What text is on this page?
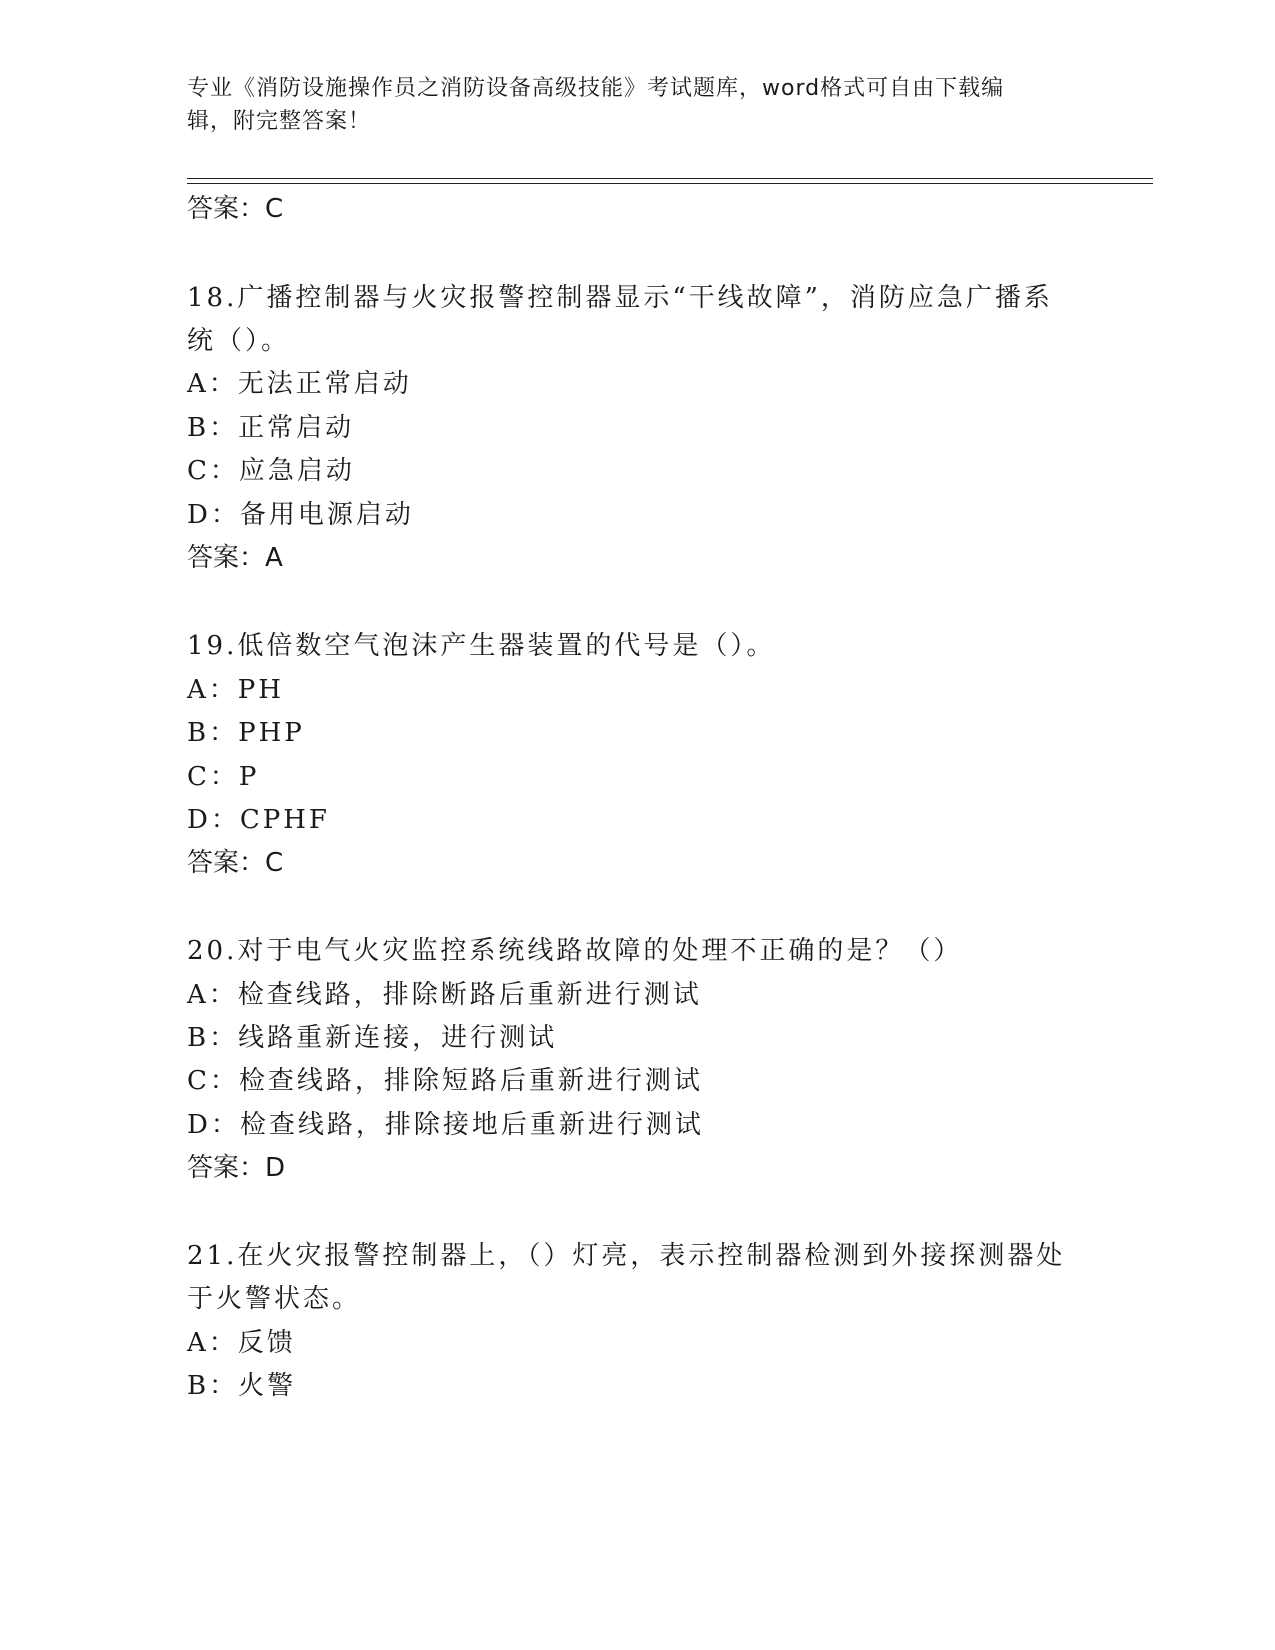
专业《消防设施操作员之消防设备高级技能》考试题库，word格式可自由下载编
辑，附完整答案！
答案：C
18.广播控制器与火灾报警控制器显示“干线故障”，消防应急广播系
统（）。
A：无法正常启动
B：正常启动
C：应急启动
D：备用电源启动
答案：A
19.低倍数空气泡沫产生器装置的代号是（）。
A：PH
B：PHP
C：P
D：CPHF
答案：C
20.对于电气火灾监控系统线路故障的处理不正确的是？（）
A：检查线路，排除断路后重新进行测试
B：线路重新连接，进行测试
C：检查线路，排除短路后重新进行测试
D：检查线路，排除接地后重新进行测试
答案：D
21.在火灾报警控制器上，（）灯亮，表示控制器检测到外接探测器处
于火警状态。
A：反馈
B：火警
